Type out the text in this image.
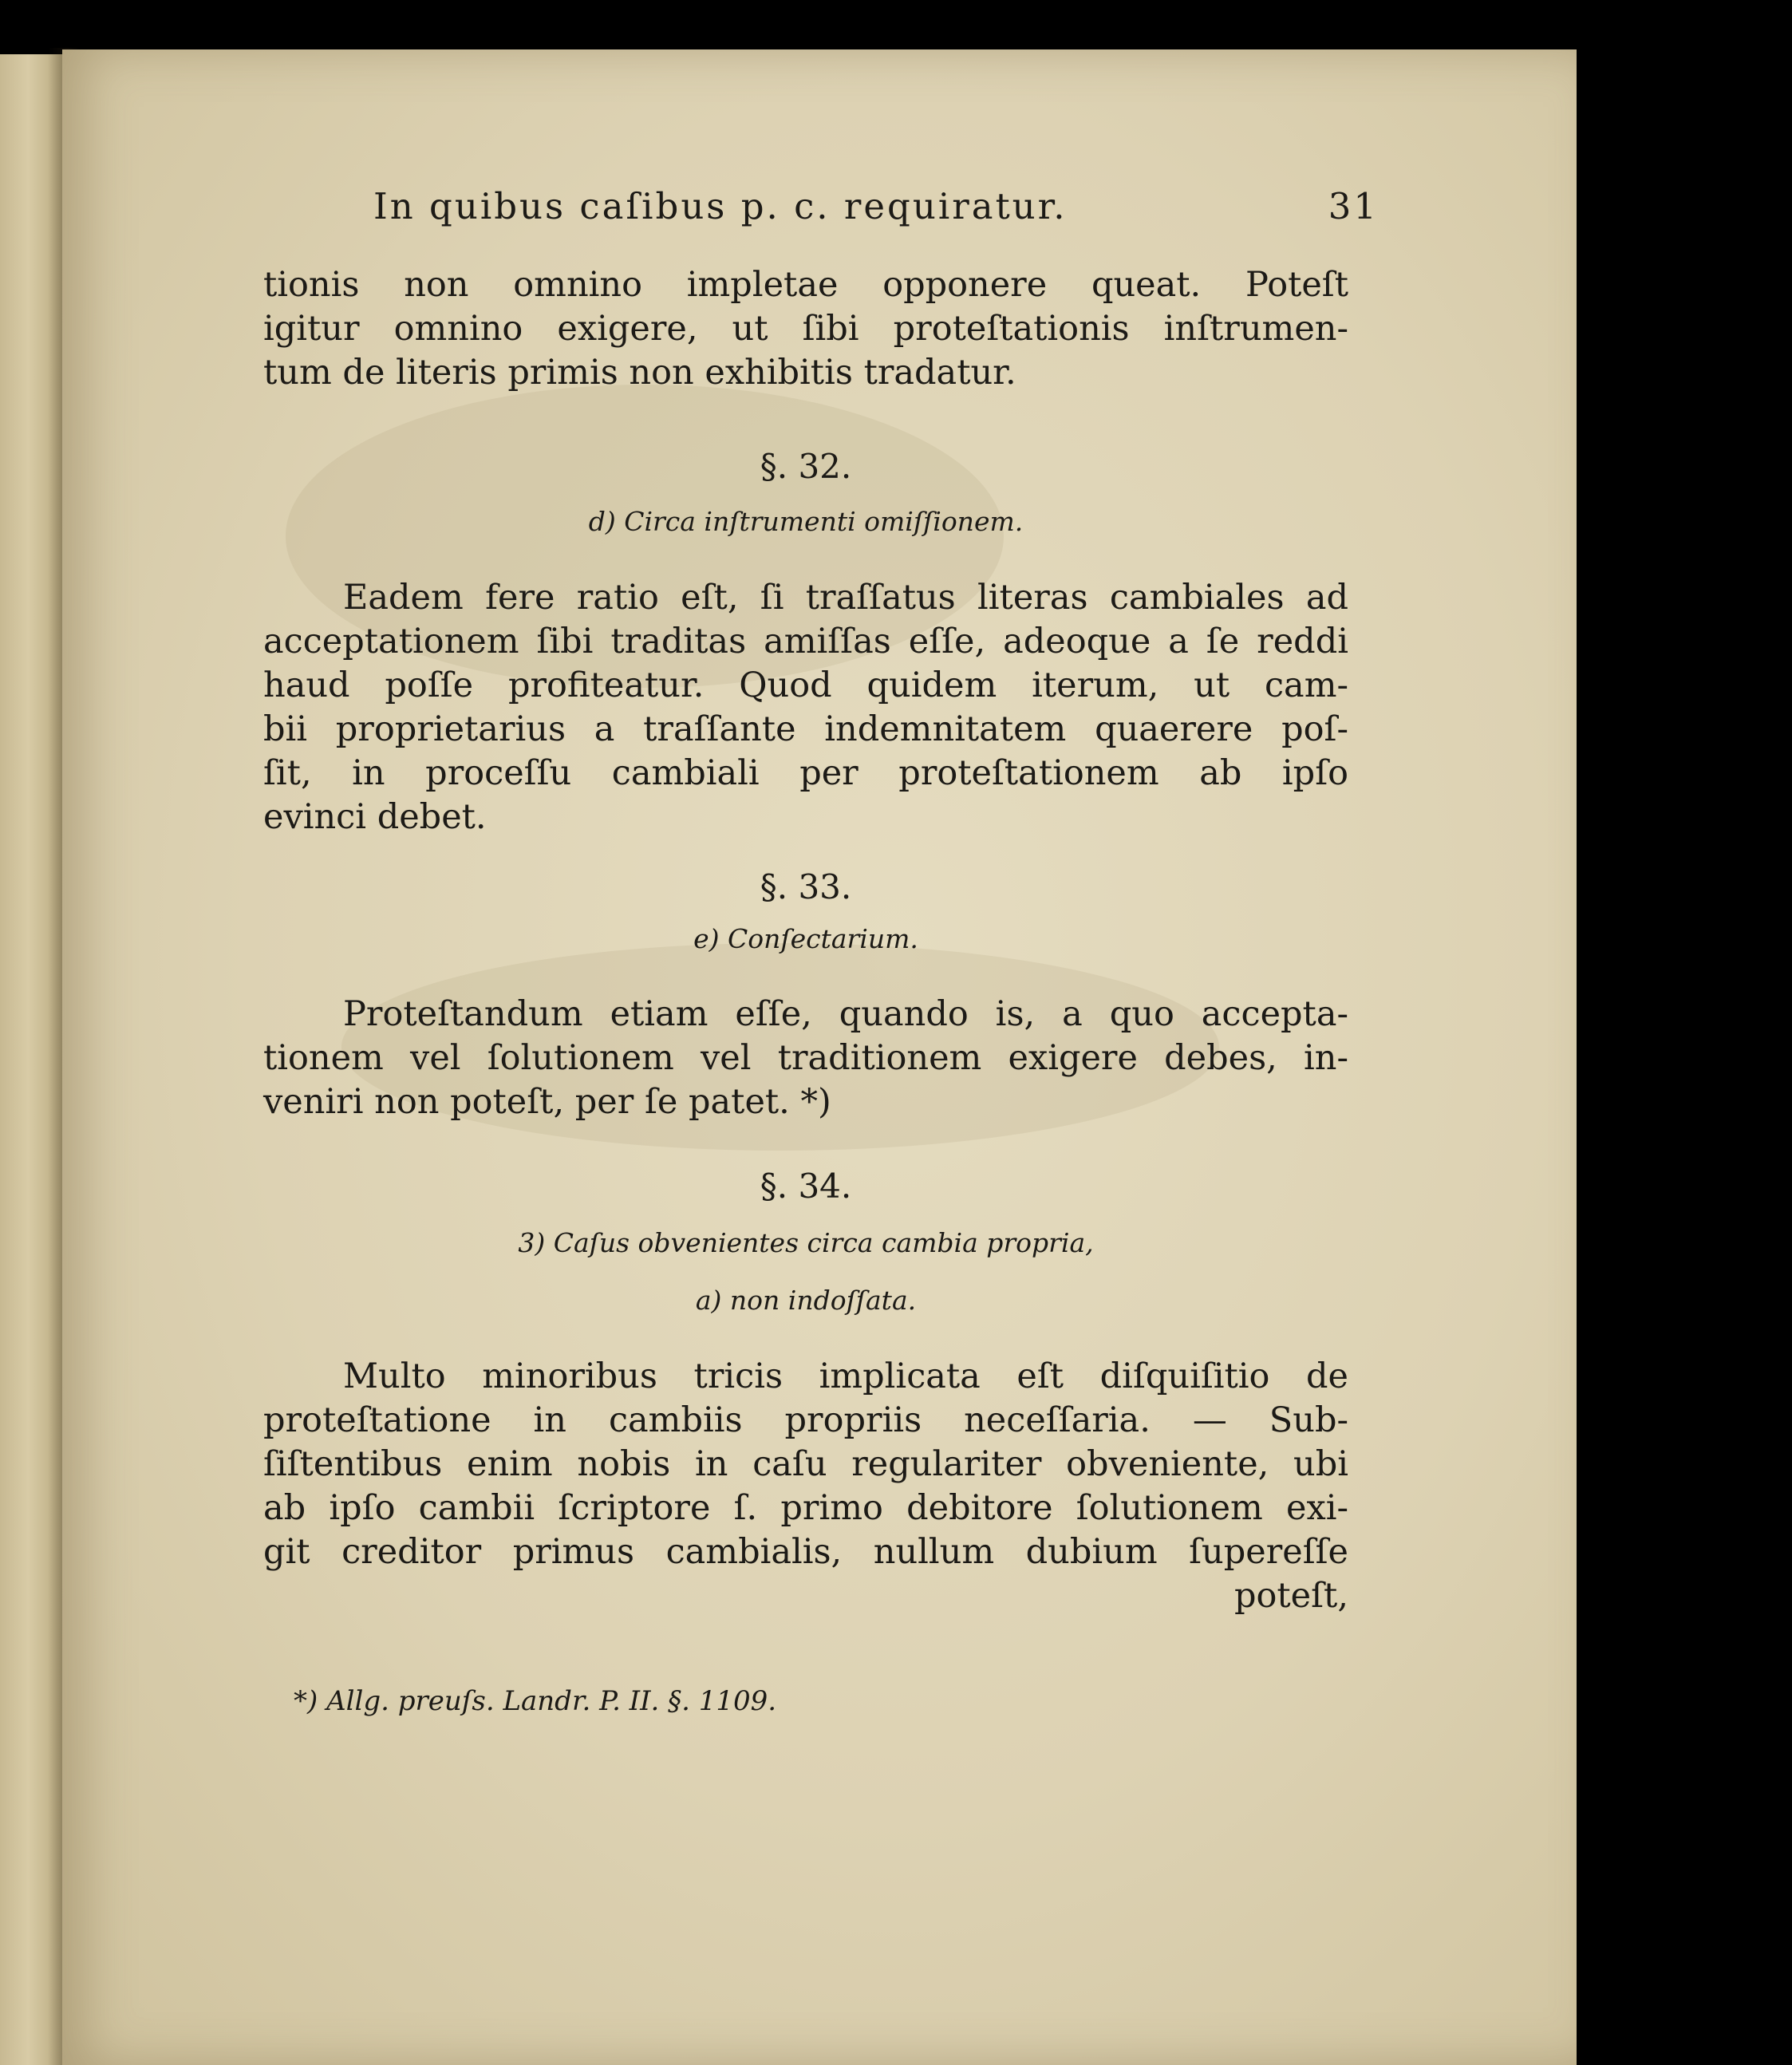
In quibus caſibus p. c. requiratur.	31
tionis non omnino impletae opponere queat. Poteſt
igitur omnino exigere, ut ſibi proteſtationis inſtrumen-
tum de literis primis non exhibitis tradatur.
§. 32.
d) Circa inſtrumenti omiſſionem.
Eadem fere ratio eſt, ſi traſſatus literas cambiales ad
acceptationem ſibi traditas amiſſas eſſe, adeoque a ſe reddi
haud poſſe profiteatur. Quod quidem iterum, ut cam-
bii proprietarius a traſſante indemnitatem quaerere poſ-
ſit, in proceſſu cambiali per proteſtationem ab ipſo
evinci debet.
§. 33.
e) Conſectarium.
Proteſtandum etiam eſſe, quando is, a quo accepta-
tionem vel ſolutionem vel traditionem exigere debes, in-
veniri non poteſt, per ſe patet. *)
§. 34.
3) Caſus obvenientes circa cambia propria,
a) non indoſſata.
Multo minoribus tricis implicata eſt diſquiſitio de
proteſtatione in cambiis propriis neceſſaria. — Sub-
ſiſtentibus enim nobis in caſu regulariter obveniente, ubi
ab ipſo cambii ſcriptore ſ. primo debitore ſolutionem exi-
git creditor primus cambialis, nullum dubium ſupereſſe
poteſt,
*) Allg. preuſs. Landr. P. II. §. 1109.
